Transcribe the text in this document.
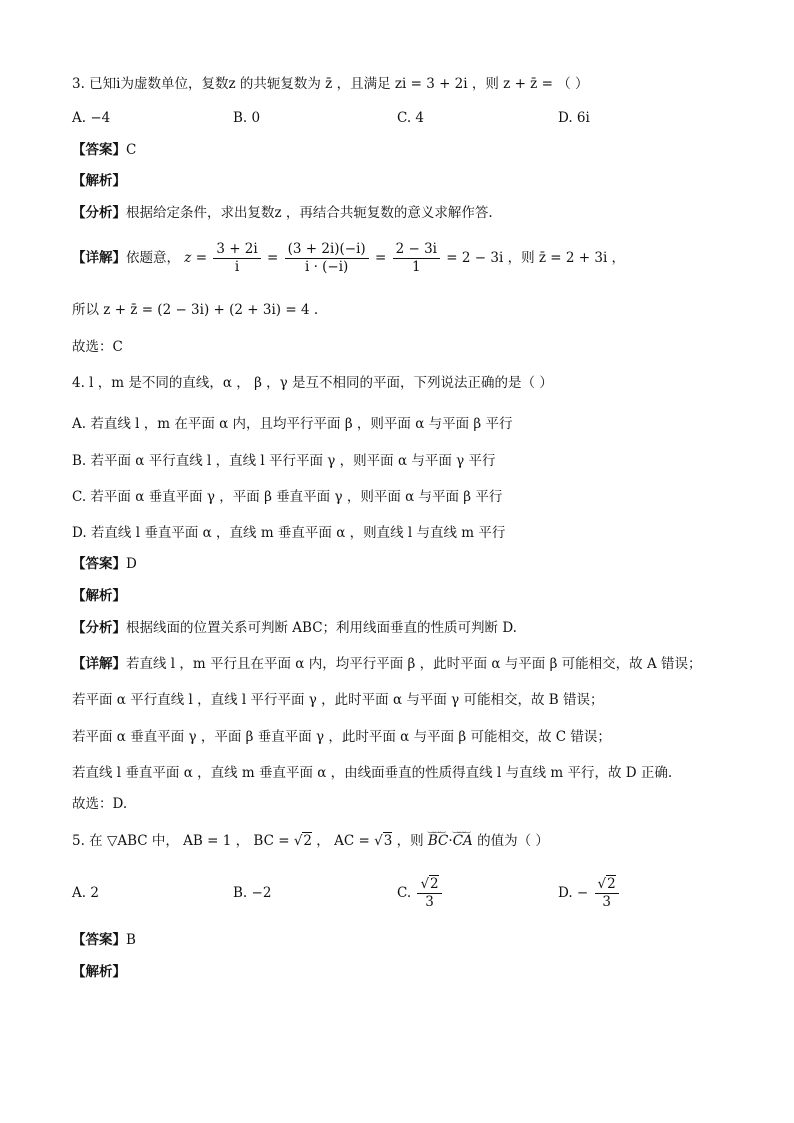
3. 已知i为虚数单位，复数z 的共轭复数为 z̄ ，且满足 zi = 3 + 2i ，则 z + z̄ = （ ）
A. −4	B. 0	C. 4	D. 6i
【答案】C
【解析】
【分析】根据给定条件，求出复数z ，再结合共轭复数的意义求解作答.
【详解】依题意， $z = \frac{3 + 2i}{i} = \frac{(3 + 2i)(-i)}{i \cdot (-i)} = \frac{2 - 3i}{1} = 2 - 3i$ ，则 z̄ = 2 + 3i ，
所以 z + z̄ = (2 − 3i) + (2 + 3i) = 4 .
故选：C
4. l ，m 是不同的直线，α ， β ，γ 是互不相同的平面，下列说法正确的是（ ）
A. 若直线 l ，m 在平面 α 内，且均平行平面 β ，则平面 α 与平面 β 平行
B. 若平面 α 平行直线 l ，直线 l 平行平面 γ ，则平面 α 与平面 γ 平行
C. 若平面 α 垂直平面 γ ，平面 β 垂直平面 γ ，则平面 α 与平面 β 平行
D. 若直线 l 垂直平面 α ，直线 m 垂直平面 α ，则直线 l 与直线 m 平行
【答案】D
【解析】
【分析】根据线面的位置关系可判断 ABC；利用线面垂直的性质可判断 D.
【详解】若直线 l ，m 平行且在平面 α 内，均平行平面 β ，此时平面 α 与平面 β 可能相交，故 A 错误；
若平面 α 平行直线 l ，直线 l 平行平面 γ ，此时平面 α 与平面 γ 可能相交，故 B 错误；
若平面 α 垂直平面 γ ，平面 β 垂直平面 γ ，此时平面 α 与平面 β 可能相交，故 C 错误；
若直线 l 垂直平面 α ，直线 m 垂直平面 α ，由线面垂直的性质得直线 l 与直线 m 平行，故 D 正确.
故选：D.
5. 在 ▽ABC 中， AB = 1 ， BC = √2 ， AC = √3 ，则 ‿‿‿ BC·‿‿‿ CA 的值为（ ）
A. 2	B. −2	C. $\frac{√2}{3}$	D. − $\frac{√2}{3}$
【答案】B
【解析】
